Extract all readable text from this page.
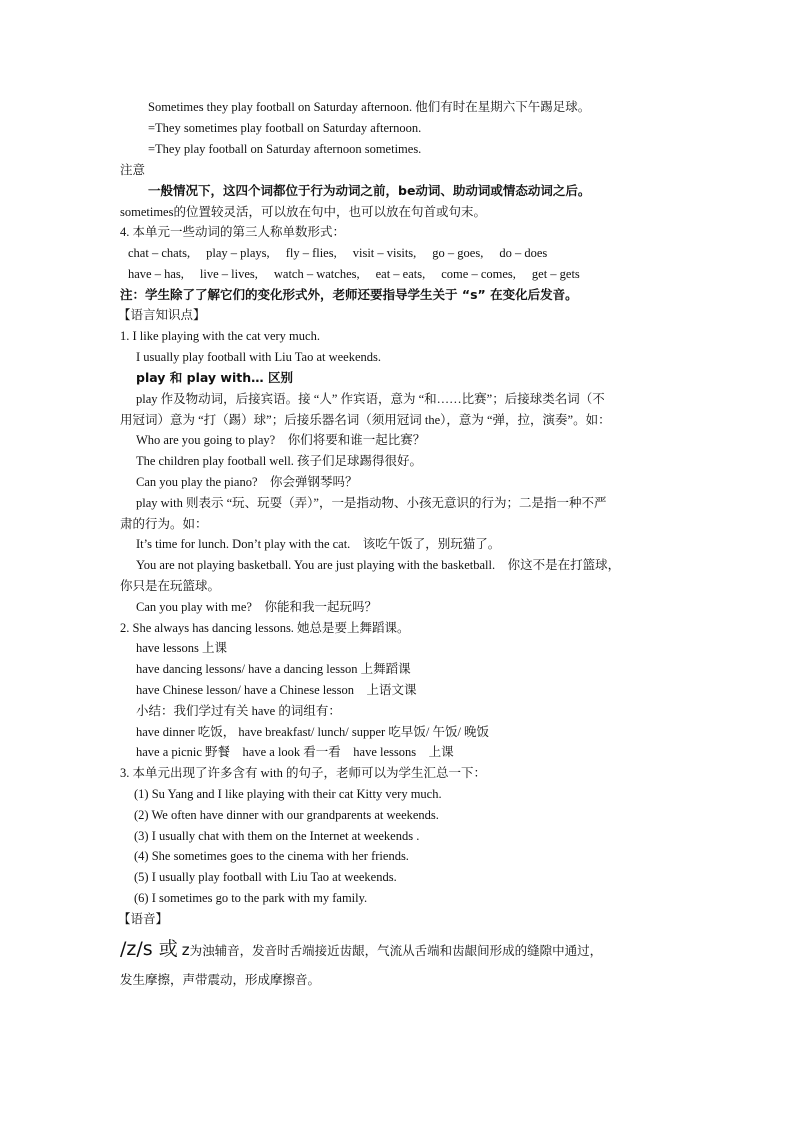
Sometimes they play football on Saturday afternoon. 他们有时在星期六下午踢足球。
=They sometimes play football on Saturday afternoon.
=They play football on Saturday afternoon sometimes.
注意
一般情况下，这四个词都位于行为动词之前，be动词、助动词或情态动词之后。
sometimes的位置较灵活，可以放在句中，也可以放在句首或句末。
4. 本单元一些动词的第三人称单数形式：
chat – chats, play – plays, fly – flies, visit – visits, go – goes, do – does
have – has, live – lives, watch – watches, eat – eats, come – comes, get – gets
注：学生除了了解它们的变化形式外，老师还要指导学生关于 “s” 在变化后发音。
【语言知识点】
1. I like playing with the cat very much.
I usually play football with Liu Tao at weekends.
play 和 play with… 区别
play 作及物动词，后接宾语。接 “人” 作宾语，意为 “和……比赛”；后接球类名词（不
用冠词）意为 “打（踢）球”；后接乐器名词（须用冠词 the），意为 “弹，拉，演奏”。如：
Who are you going to play?　你们将要和谁一起比赛？
The children play football well. 孩子们足球踢得很好。
Can you play the piano?　你会弹钢琴吗？
play with 则表示 “玩、玩耍（弄）”，一是指动物、小孩无意识的行为；二是指一种不严
肃的行为。如：
It’s time for lunch. Don’t play with the cat.　该吃午饭了，别玩猫了。
You are not playing basketball. You are just playing with the basketball.　你这不是在打篮球，
你只是在玩篮球。
Can you play with me?　你能和我一起玩吗？
2. She always has dancing lessons. 她总是要上舞蹈课。
have lessons 上课
have dancing lessons/ have a dancing lesson 上舞蹈课
have Chinese lesson/ have a Chinese lesson　上语文课
小结：我们学过有关 have 的词组有：
have dinner 吃饭， have breakfast/ lunch/ supper 吃早饭/ 午饭/ 晚饭
have a picnic 野餐　have a look 看一看　have lessons　上课
3. 本单元出现了许多含有 with 的句子，老师可以为学生汇总一下：
(1) Su Yang and I like playing with their cat Kitty very much.
(2) We often have dinner with our grandparents at weekends.
(3) I usually chat with them on the Internet at weekends .
(4) She sometimes goes to the cinema with her friends.
(5) I usually play football with Liu Tao at weekends.
(6) I sometimes go to the park with my family.
【语音】
/z/s 或 z为浊辅音，发音时舌端接近齿龈，气流从舌端和齿龈间形成的缝隙中通过，
发生摩擦，声带震动，形成摩擦音。
